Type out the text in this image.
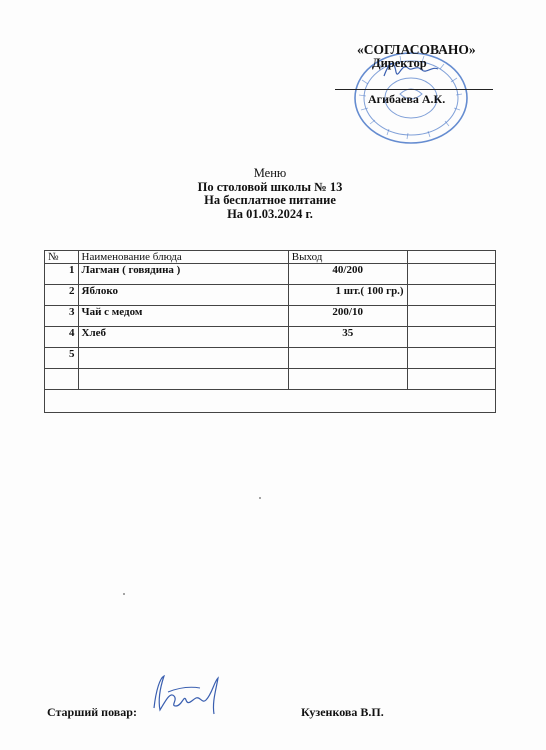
«СОГЛАСОВАНО»
Директор
Агибаева А.К.
Меню
По столовой школы № 13
На бесплатное питание
На 01.03.2024 г.
№	Наименование блюда	Выход	
1	Лагман ( говядина )	40/200	
2	Яблоко	1 шт.( 100 гр.)	
3	Чай с медом	200/10	
4	Хлеб	35	
5			

Старший повар:	Кузенкова В.П.
